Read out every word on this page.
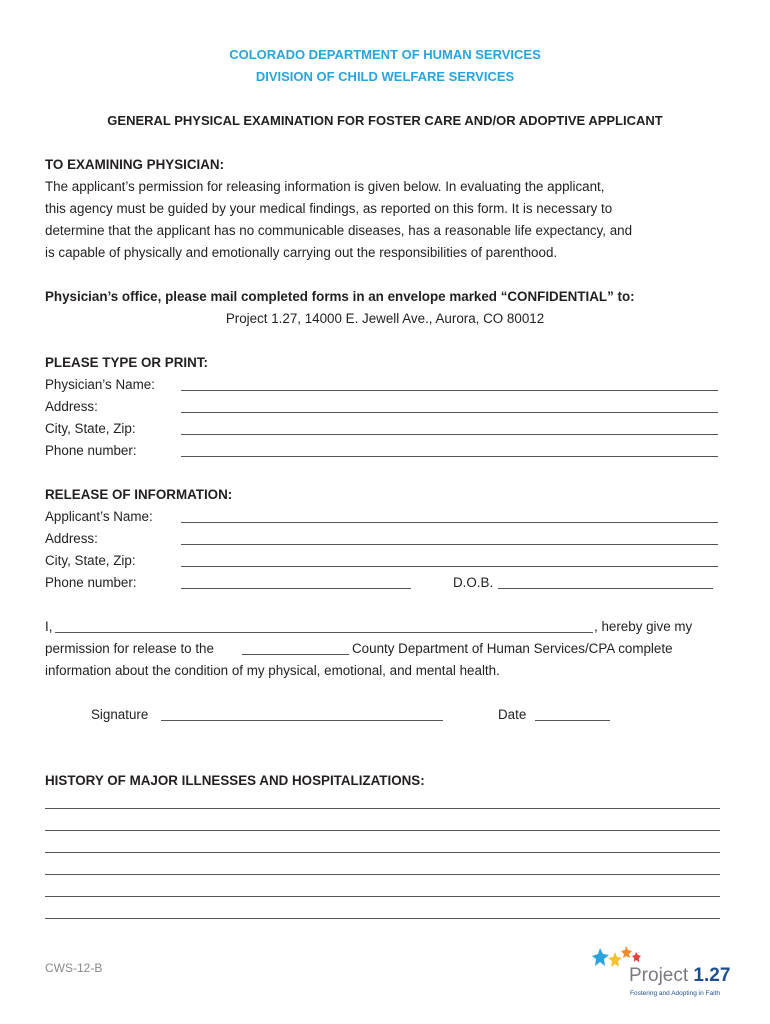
COLORADO DEPARTMENT OF HUMAN SERVICES
DIVISION OF CHILD WELFARE SERVICES
GENERAL PHYSICAL EXAMINATION FOR FOSTER CARE AND/OR ADOPTIVE APPLICANT
TO EXAMINING PHYSICIAN:
The applicant’s permission for releasing information is given below. In evaluating the applicant,
this agency must be guided by your medical findings, as reported on this form. It is necessary to
determine that the applicant has no communicable diseases, has a reasonable life expectancy, and
is capable of physically and emotionally carrying out the responsibilities of parenthood.
Physician’s office, please mail completed forms in an envelope marked “CONFIDENTIAL” to:
Project 1.27, 14000 E. Jewell Ave., Aurora, CO 80012
PLEASE TYPE OR PRINT:
Physician’s Name:
Address:
City, State, Zip:
Phone number:
RELEASE OF INFORMATION:
Applicant’s Name:
Address:
City, State, Zip:
Phone number:	D.O.B.
I,	, hereby give my
permission for release to the	County Department of Human Services/CPA complete
information about the condition of my physical, emotional, and mental health.
Signature	Date
HISTORY OF MAJOR ILLNESSES AND HOSPITALIZATIONS:
CWS-12-B	Project 1.27
Fostering and Adopting in Faith
